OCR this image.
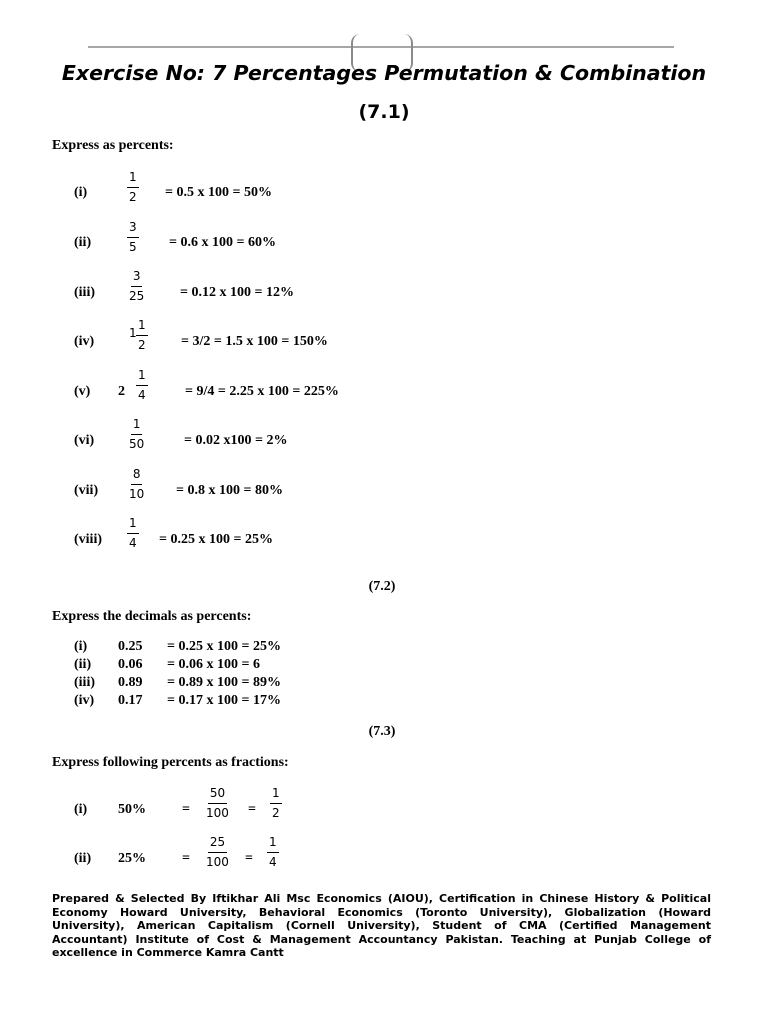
Exercise No: 7 Percentages Permutation & Combination
(7.1)
Express as percents:
(i)	$\frac{1}{2} = 0.5$ x 100 = 50%
(ii)	$\frac{3}{5} = 0.6$ x 100 = 60%
(iii)	$\frac{3}{25} = 0.12$ x 100 = 12%
(iv)
$1 \frac{1}{2} = 3/2 = 1.5$ x 100 = 150%
(v) $2 \frac{1}{4}$	= 9/4 = 2.25 x 100 = 225%
(vi)	$\frac{1}{50}$	= 0.02 x100 = 2%
$(vii) \frac{8}{10} = 0.8$ x 100 = 80%
(viii) $\frac{1}{4} = 0.25$ x 100 = 25%
(7.2)
Express the decimals as percents:
(i) 0.25 = 0.25 x 100 = 25%
(ii) 0.06 = 0.06 x 100 = 6
(iii) 0.89 = 0.89 x 100 = 89%
(iv) 0.17 = 0.17 x 100 = 17%
(7.3)
Express following percents as fractions:
(i) 50%	= $\frac{50}{100} = \frac{1}{2}$
(ii) 25%	= $\frac{25}{100} = \frac{1}{4}$
Prepared & Selected By Iftikhar Ali Msc Economics (AIOU), Certification in Chinese History & Political Economy Howard University, Behavioral Economics (Toronto University), Globalization (Howard University), American Capitalism (Cornell University), Student of CMA (Certified Management Accountant) Institute of Cost & Management Accountancy Pakistan. Teaching at Punjab College of excellence in Commerce Kamra Cantt
